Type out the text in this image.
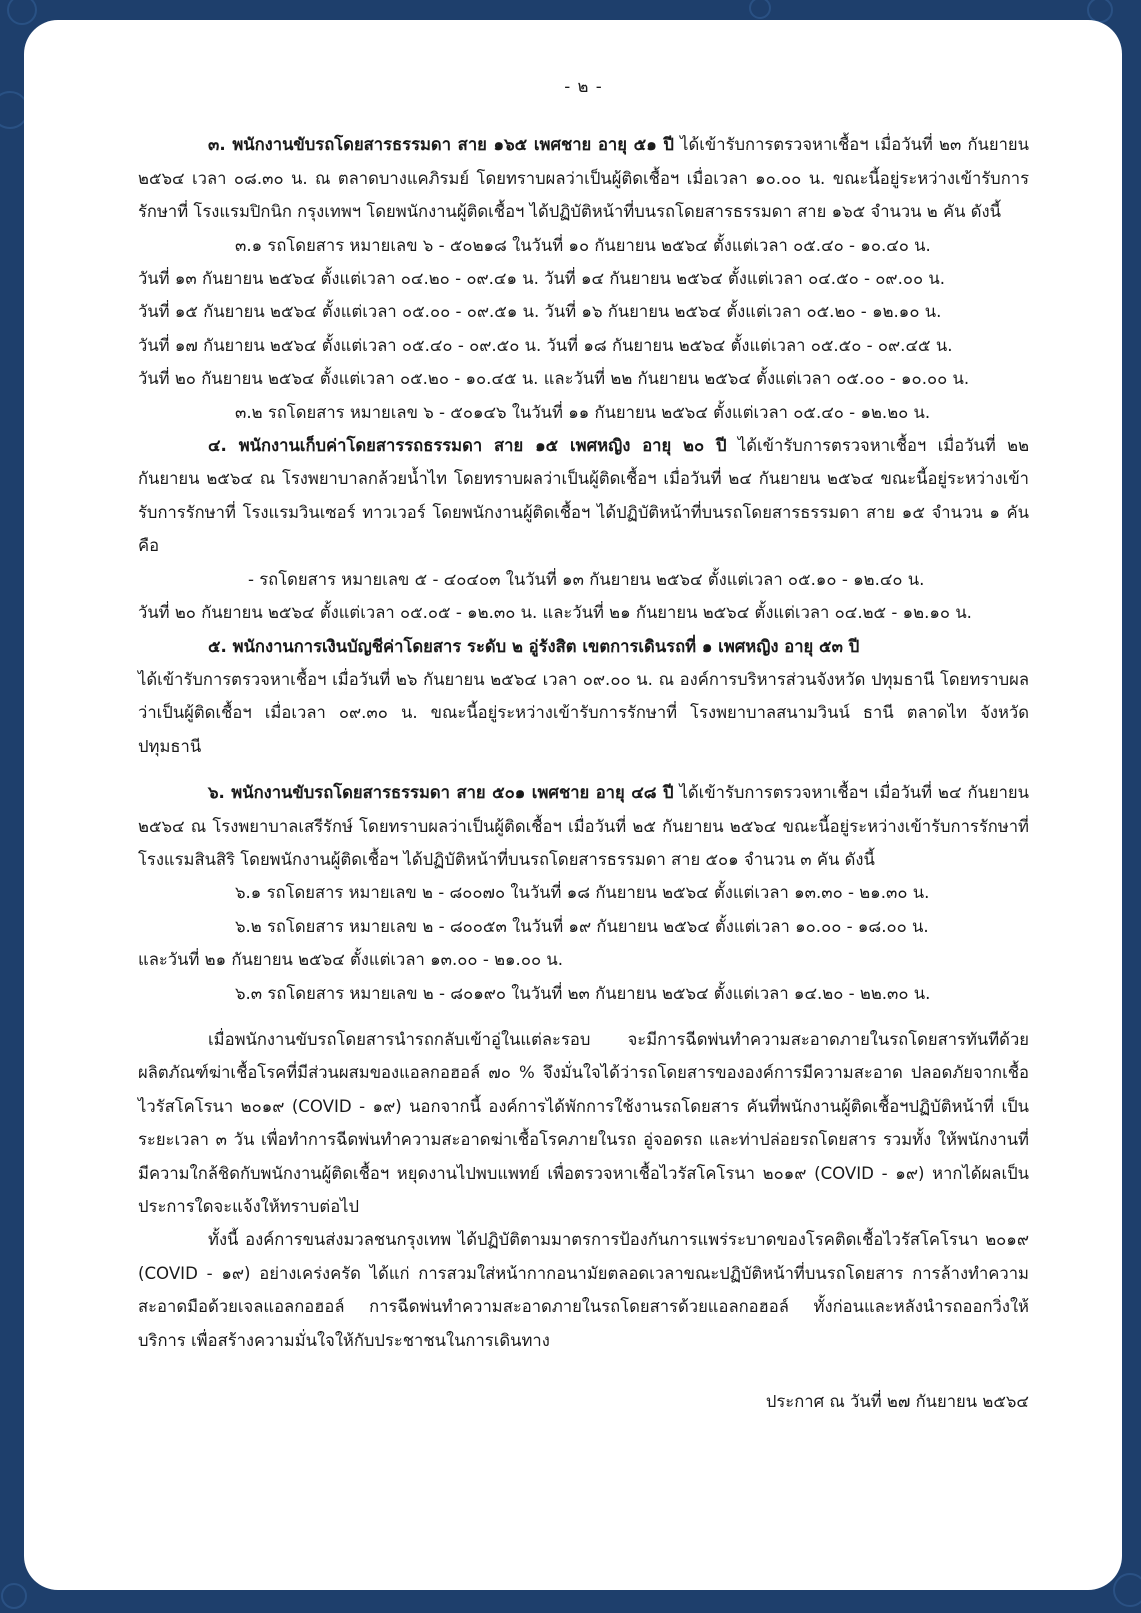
- ๒ -
๓. พนักงานขับรถโดยสารธรรมดา สาย ๑๖๕ เพศชาย อายุ ๕๑ ปี ได้เข้ารับการตรวจหาเชื้อฯ เมื่อวันที่ ๒๓ กันยายน ๒๕๖๔ เวลา ๐๘.๓๐ น. ณ ตลาดบางแคภิรมย์ โดยทราบผลว่าเป็นผู้ติดเชื้อฯ เมื่อเวลา ๑๐.๐๐ น. ขณะนี้อยู่ระหว่างเข้ารับการรักษาที่ โรงแรมปิกนิก กรุงเทพฯ โดยพนักงานผู้ติดเชื้อฯ ได้ปฏิบัติหน้าที่บนรถโดยสารธรรมดา สาย ๑๖๕ จำนวน ๒ คัน ดังนี้
๓.๑ รถโดยสาร หมายเลข ๖ - ๕๐๒๑๘ ในวันที่ ๑๐ กันยายน ๒๕๖๔ ตั้งแต่เวลา ๐๕.๔๐ - ๑๐.๔๐ น.
วันที่ ๑๓ กันยายน ๒๕๖๔ ตั้งแต่เวลา ๐๔.๒๐ - ๐๙.๔๑ น. วันที่ ๑๔ กันยายน ๒๕๖๔ ตั้งแต่เวลา ๐๔.๕๐ - ๐๙.๐๐ น.
วันที่ ๑๕ กันยายน ๒๕๖๔ ตั้งแต่เวลา ๐๕.๐๐ - ๐๙.๕๑ น. วันที่ ๑๖ กันยายน ๒๕๖๔ ตั้งแต่เวลา ๐๕.๒๐ - ๑๒.๑๐ น.
วันที่ ๑๗ กันยายน ๒๕๖๔ ตั้งแต่เวลา ๐๕.๔๐ - ๐๙.๕๐ น. วันที่ ๑๘ กันยายน ๒๕๖๔ ตั้งแต่เวลา ๐๕.๕๐ - ๐๙.๔๕ น.
วันที่ ๒๐ กันยายน ๒๕๖๔ ตั้งแต่เวลา ๐๕.๒๐ - ๑๐.๔๕ น. และวันที่ ๒๒ กันยายน ๒๕๖๔ ตั้งแต่เวลา ๐๕.๐๐ - ๑๐.๐๐ น.
๓.๒ รถโดยสาร หมายเลข ๖ - ๕๐๑๔๖ ในวันที่ ๑๑ กันยายน ๒๕๖๔ ตั้งแต่เวลา ๐๕.๔๐ - ๑๒.๒๐ น.
๔. พนักงานเก็บค่าโดยสารรถธรรมดา สาย ๑๕ เพศหญิง อายุ ๒๐ ปี ได้เข้ารับการตรวจหาเชื้อฯ เมื่อวันที่ ๒๒ กันยายน ๒๕๖๔ ณ โรงพยาบาลกล้วยน้ำไท โดยทราบผลว่าเป็นผู้ติดเชื้อฯ เมื่อวันที่ ๒๔ กันยายน ๒๕๖๔ ขณะนี้อยู่ระหว่างเข้ารับการรักษาที่ โรงแรมวินเซอร์ ทาวเวอร์ โดยพนักงานผู้ติดเชื้อฯ ได้ปฏิบัติหน้าที่บนรถโดยสารธรรมดา สาย ๑๕ จำนวน ๑ คัน คือ
- รถโดยสาร หมายเลข ๕ - ๔๐๔๐๓ ในวันที่ ๑๓ กันยายน ๒๕๖๔ ตั้งแต่เวลา ๐๕.๑๐ - ๑๒.๔๐ น.
วันที่ ๒๐ กันยายน ๒๕๖๔ ตั้งแต่เวลา ๐๕.๐๕ - ๑๒.๓๐ น. และวันที่ ๒๑ กันยายน ๒๕๖๔ ตั้งแต่เวลา ๐๔.๒๕ - ๑๒.๑๐ น.
๕. พนักงานการเงินบัญชีค่าโดยสาร ระดับ ๒ อู่รังสิต เขตการเดินรถที่ ๑ เพศหญิง อายุ ๕๓ ปี
ได้เข้ารับการตรวจหาเชื้อฯ เมื่อวันที่ ๒๖ กันยายน ๒๕๖๔ เวลา ๐๙.๐๐ น. ณ องค์การบริหารส่วนจังหวัด ปทุมธานี โดยทราบผลว่าเป็นผู้ติดเชื้อฯ เมื่อเวลา ๐๙.๓๐ น. ขณะนี้อยู่ระหว่างเข้ารับการรักษาที่ โรงพยาบาลสนามวินน์ ธานี ตลาดไท จังหวัดปทุมธานี
๖. พนักงานขับรถโดยสารธรรมดา สาย ๕๐๑ เพศชาย อายุ ๔๘ ปี ได้เข้ารับการตรวจหาเชื้อฯ เมื่อวันที่ ๒๔ กันยายน ๒๕๖๔ ณ โรงพยาบาลเสรีรักษ์ โดยทราบผลว่าเป็นผู้ติดเชื้อฯ เมื่อวันที่ ๒๕ กันยายน ๒๕๖๔ ขณะนี้อยู่ระหว่างเข้ารับการรักษาที่ โรงแรมสินสิริ โดยพนักงานผู้ติดเชื้อฯ ได้ปฏิบัติหน้าที่บนรถโดยสารธรรมดา สาย ๕๐๑ จำนวน ๓ คัน ดังนี้
๖.๑ รถโดยสาร หมายเลข ๒ - ๘๐๐๗๐ ในวันที่ ๑๘ กันยายน ๒๕๖๔ ตั้งแต่เวลา ๑๓.๓๐ - ๒๑.๓๐ น.
๖.๒ รถโดยสาร หมายเลข ๒ - ๘๐๐๕๓ ในวันที่ ๑๙ กันยายน ๒๕๖๔ ตั้งแต่เวลา ๑๐.๐๐ - ๑๘.๐๐ น.
และวันที่ ๒๑ กันยายน ๒๕๖๔ ตั้งแต่เวลา ๑๓.๐๐ - ๒๑.๐๐ น.
๖.๓ รถโดยสาร หมายเลข ๒ - ๘๐๑๙๐ ในวันที่ ๒๓ กันยายน ๒๕๖๔ ตั้งแต่เวลา ๑๔.๒๐ - ๒๒.๓๐ น.
เมื่อพนักงานขับรถโดยสารนำรถกลับเข้าอู่ในแต่ละรอบ จะมีการฉีดพ่นทำความสะอาดภายในรถโดยสารทันทีด้วยผลิตภัณฑ์ฆ่าเชื้อโรคที่มีส่วนผสมของแอลกอฮอล์ ๗๐ % จึงมั่นใจได้ว่ารถโดยสารขององค์การมีความสะอาด ปลอดภัยจากเชื้อไวรัสโคโรนา ๒๐๑๙ (COVID - ๑๙) นอกจากนี้ องค์การได้พักการใช้งานรถโดยสาร คันที่พนักงานผู้ติดเชื้อฯปฏิบัติหน้าที่ เป็นระยะเวลา ๓ วัน เพื่อทำการฉีดพ่นทำความสะอาดฆ่าเชื้อโรคภายในรถ อู่จอดรถ และท่าปล่อยรถโดยสาร รวมทั้ง ให้พนักงานที่มีความใกล้ชิดกับพนักงานผู้ติดเชื้อฯ หยุดงานไปพบแพทย์ เพื่อตรวจหาเชื้อไวรัสโคโรนา ๒๐๑๙ (COVID - ๑๙) หากได้ผลเป็นประการใดจะแจ้งให้ทราบต่อไป
ทั้งนี้ องค์การขนส่งมวลชนกรุงเทพ ได้ปฏิบัติตามมาตรการป้องกันการแพร่ระบาดของโรคติดเชื้อไวรัสโคโรนา ๒๐๑๙ (COVID - ๑๙) อย่างเคร่งครัด ได้แก่ การสวมใส่หน้ากากอนามัยตลอดเวลาขณะปฏิบัติหน้าที่บนรถโดยสาร การล้างทำความสะอาดมือด้วยเจลแอลกอฮอล์ การฉีดพ่นทำความสะอาดภายในรถโดยสารด้วยแอลกอฮอล์ ทั้งก่อนและหลังนำรถออกวิ่งให้บริการ เพื่อสร้างความมั่นใจให้กับประชาชนในการเดินทาง
ประกาศ ณ วันที่ ๒๗ กันยายน ๒๕๖๔
